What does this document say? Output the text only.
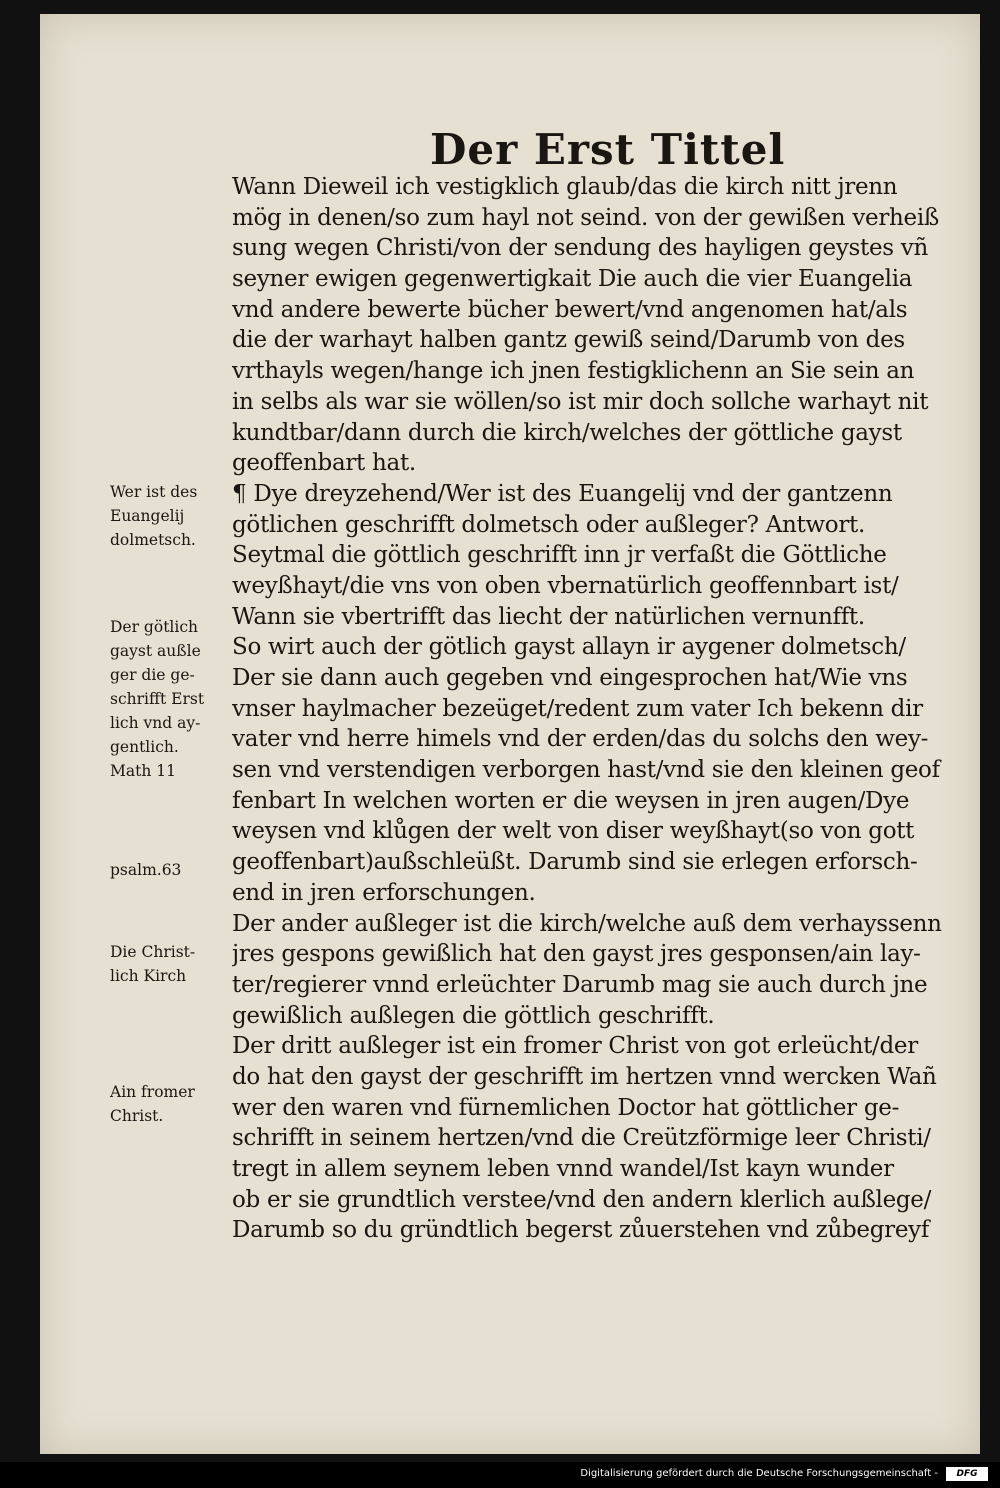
Der Erst Tittel
Wann Dieweil ich vestigklich glaub/das die kirch nitt jrenn
mög in denen/so zum hayl not seind. von der gewißen verheiß
sung wegen Christi/von der sendung des hayligen geystes vñ
seyner ewigen gegenwertigkait Die auch die vier Euangelia
vnd andere bewerte bücher bewert/vnd angenomen hat/als
die der warhayt halben gantz gewiß seind/Darumb von des
vrthayls wegen/hange ich jnen festigklichenn an Sie sein an
in selbs als war sie wöllen/so ist mir doch sollche warhayt nit
kundtbar/dann durch die kirch/welches der göttliche gayst
geoffenbart hat.
¶ Dye dreyzehend/Wer ist des Euangelij vnd der gantzenn
götlichen geschrifft dolmetsch oder außleger? Antwort.
Seytmal die göttlich geschrifft inn jr verfaßt die Göttliche
weyßhayt/die vns von oben vbernatürlich geoffennbart ist/
Wann sie vbertrifft das liecht der natürlichen vernunfft.
So wirt auch der götlich gayst allayn ir aygener dolmetsch/
Der sie dann auch gegeben vnd eingesprochen hat/Wie vns
vnser haylmacher bezeüget/redent zum vater Ich bekenn dir
vater vnd herre himels vnd der erden/das du solchs den wey-
sen vnd verstendigen verborgen hast/vnd sie den kleinen geof
fenbart In welchen worten er die weysen in jren augen/Dye
weysen vnd klůgen der welt von diser weyßhayt(so von gott
geoffenbart)außschleüßt. Darumb sind sie erlegen erforsch-
end in jren erforschungen.
Der ander außleger ist die kirch/welche auß dem verhayssenn
jres gespons gewißlich hat den gayst jres gesponsen/ain lay-
ter/regierer vnnd erleüchter Darumb mag sie auch durch jne
gewißlich außlegen die göttlich geschrifft.
Der dritt außleger ist ein fromer Christ von got erleücht/der
do hat den gayst der geschrifft im hertzen vnnd wercken Wañ
wer den waren vnd fürnemlichen Doctor hat göttlicher ge-
schrifft in seinem hertzen/vnd die Creützförmige leer Christi/
tregt in allem seynem leben vnnd wandel/Ist kayn wunder
ob er sie grundtlich verstee/vnd den andern klerlich außlege/
Darumb so du gründtlich begerst zůuerstehen vnd zůbegreyf
Wer ist des
Euangelij
dolmetsch.
Der götlich
gayst außle
ger die ge-
schrifft Erst
lich vnd ay-
gentlich.
Math 11
psalm.63
Die Christ-
lich Kirch
Ain fromer
Christ.
Digitalisierung gefördert durch die Deutsche Forschungsgemeinschaft -	DFG
